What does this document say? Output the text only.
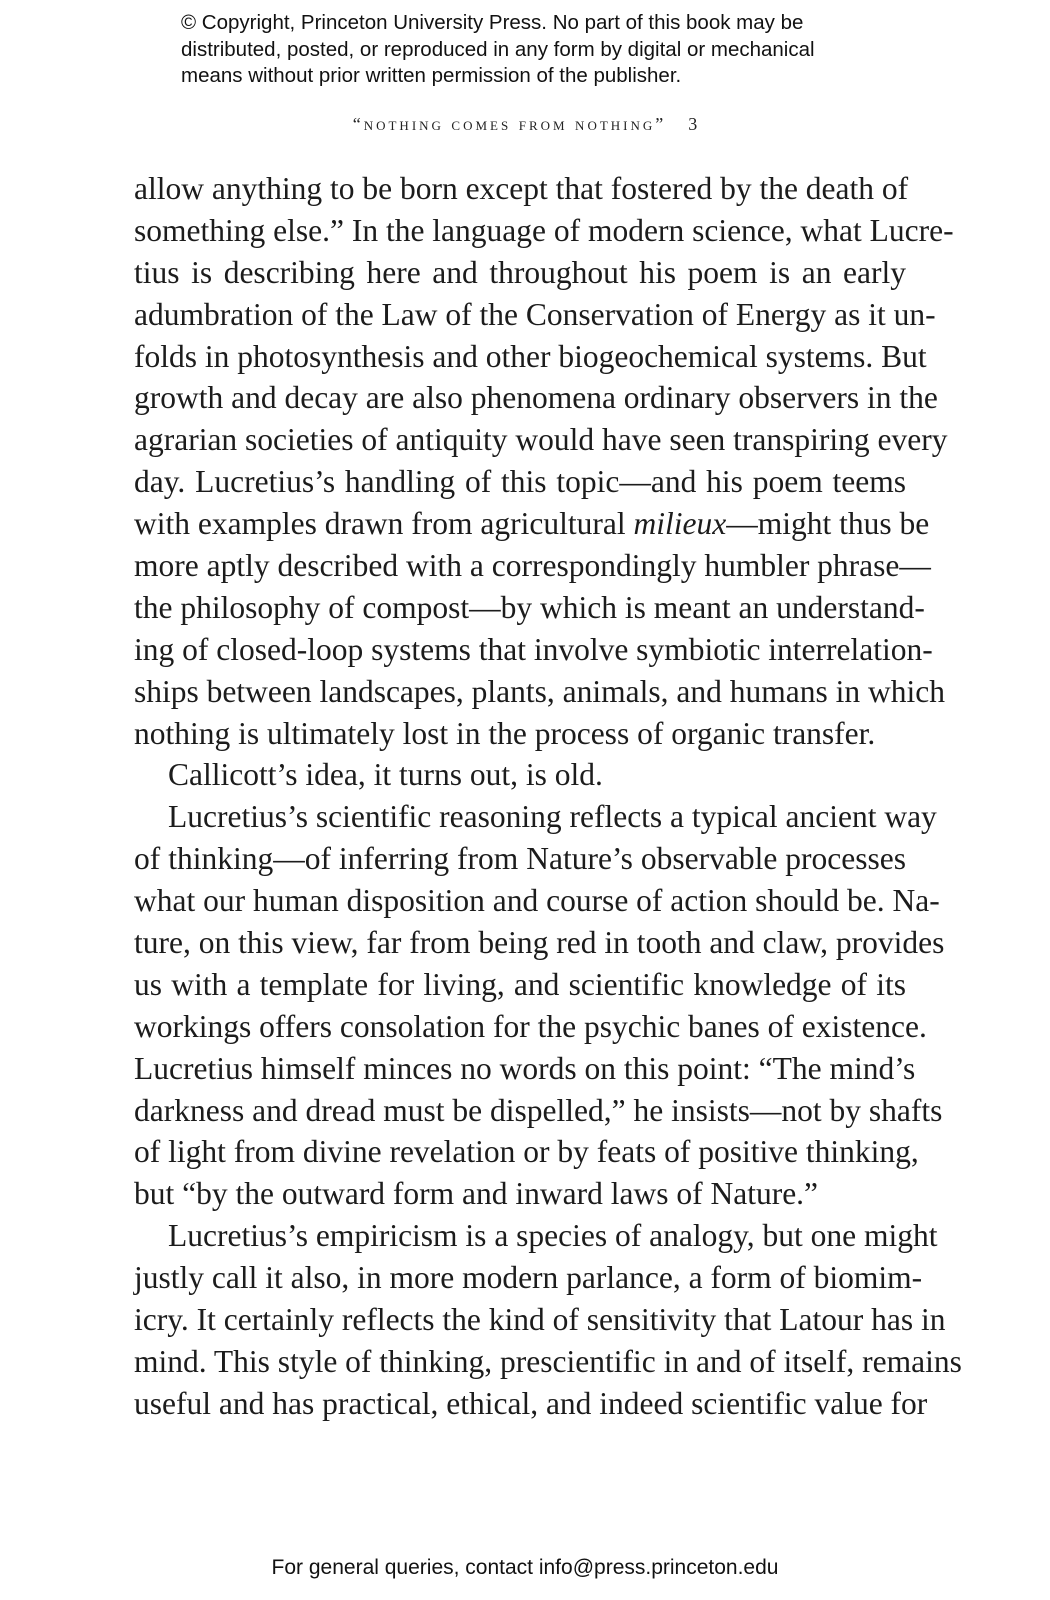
© Copyright, Princeton University Press. No part of this book may be
distributed, posted, or reproduced in any form by digital or mechanical
means without prior written permission of the publisher.
“nothing comes from nothing” 3
allow anything to be born except that fostered by the death of
something else.” In the language of modern science, what Lucre-
tius is describing here and throughout his poem is an early
adumbration of the Law of the Conservation of Energy as it un-
folds in photosynthesis and other biogeochemical systems. But
growth and decay are also phenomena ordinary observers in the
agrarian societies of antiquity would have seen transpiring every
day. Lucretius’s handling of this topic—and his poem teems
with examples drawn from agricultural milieux—might thus be
more aptly described with a correspondingly humbler phrase—
the philosophy of compost—by which is meant an understand-
ing of closed-loop systems that involve symbiotic interrelation-
ships between landscapes, plants, animals, and humans in which
nothing is ultimately lost in the process of organic transfer.
Callicott’s idea, it turns out, is old.
Lucretius’s scientific reasoning reflects a typical ancient way
of thinking—of inferring from Nature’s observable processes
what our human disposition and course of action should be. Na-
ture, on this view, far from being red in tooth and claw, provides
us with a template for living, and scientific knowledge of its
workings offers consolation for the psychic banes of existence.
Lucretius himself minces no words on this point: “The mind’s
darkness and dread must be dispelled,” he insists—not by shafts
of light from divine revelation or by feats of positive thinking,
but “by the outward form and inward laws of Nature.”
Lucretius’s empiricism is a species of analogy, but one might
justly call it also, in more modern parlance, a form of biomim-
icry. It certainly reflects the kind of sensitivity that Latour has in
mind. This style of thinking, prescientific in and of itself, remains
useful and has practical, ethical, and indeed scientific value for
For general queries, contact info@press.princeton.edu
